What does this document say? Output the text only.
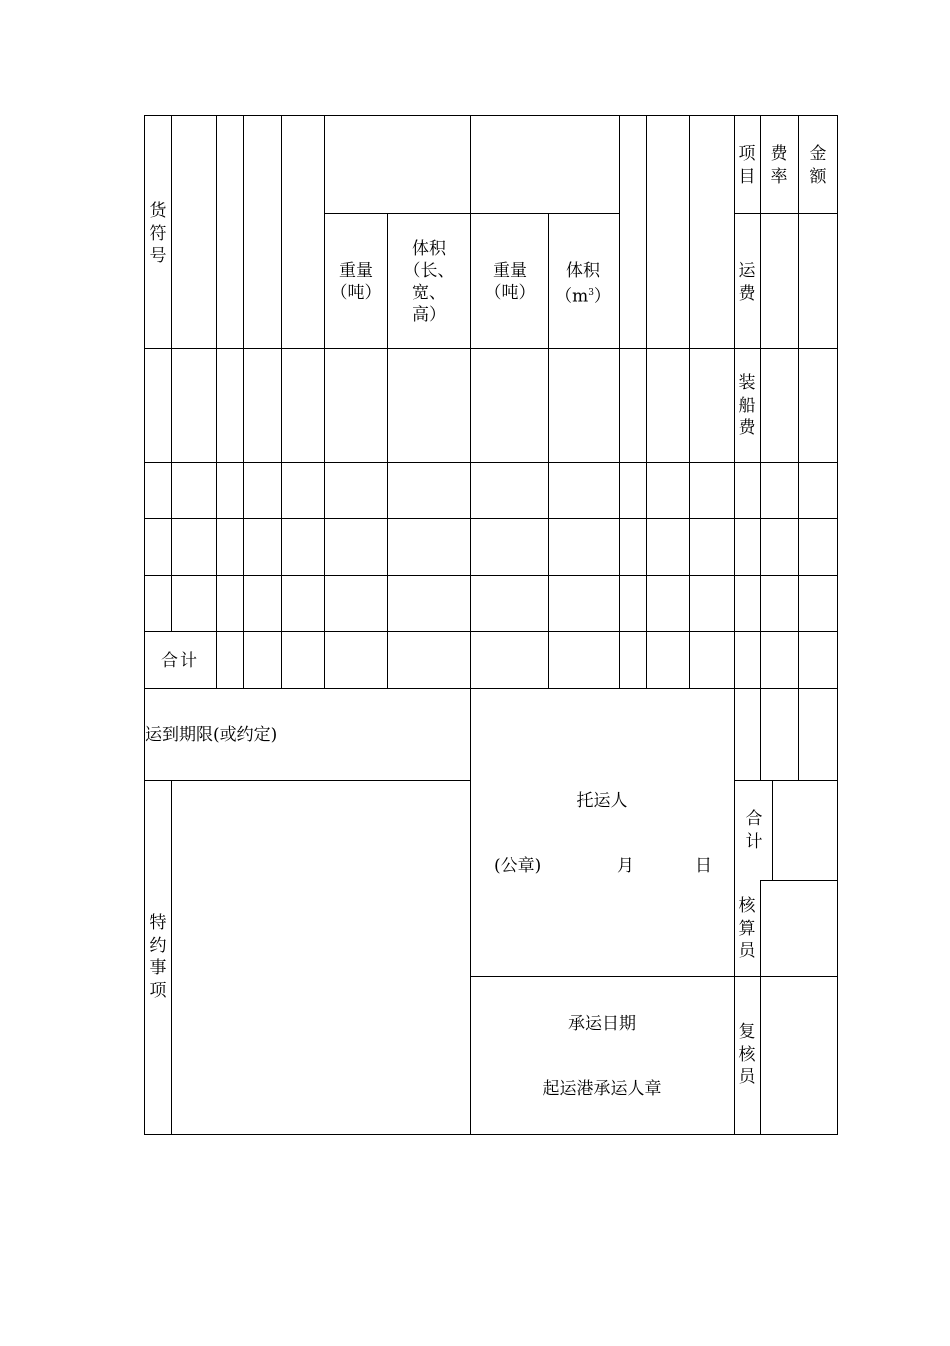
货符号
重量
（吨）
体积
（长、
宽、
高）
重量
（吨）
体积
$(m^3)$
项目
费率
金额
运费
装船费
合计
核算员
复核员
合计
运到期限(或约定)
特约事项
托运人
(公章)	月	日
承运日期
起运港承运人章
